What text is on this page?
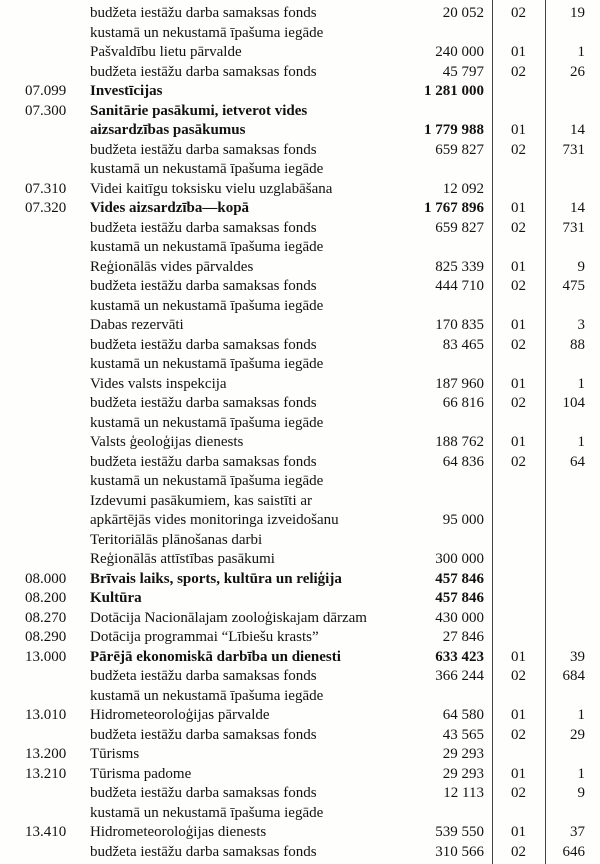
budžeta iestāžu darba samaksas fonds	20 052	02	19
kustamā un nekustamā īpašuma iegāde
Pašvaldību lietu pārvalde	240 000	01	1
budžeta iestāžu darba samaksas fonds	45 797	02	26
07.099	Investīcijas	1 281 000
07.300	Sanitārie pasākumi, ietverot vides
aizsardzības pasākumus	1 779 988	01	14
budžeta iestāžu darba samaksas fonds	659 827	02	731
kustamā un nekustamā īpašuma iegāde
07.310	Videi kaitīgu toksisku vielu uzglabāšana	12 092
07.320	Vides aizsardzība—kopā	1 767 896	01	14
budžeta iestāžu darba samaksas fonds	659 827	02	731
kustamā un nekustamā īpašuma iegāde
Reģionālās vides pārvaldes	825 339	01	9
budžeta iestāžu darba samaksas fonds	444 710	02	475
kustamā un nekustamā īpašuma iegāde
Dabas rezervāti	170 835	01	3
budžeta iestāžu darba samaksas fonds	83 465	02	88
kustamā un nekustamā īpašuma iegāde
Vides valsts inspekcija	187 960	01	1
budžeta iestāžu darba samaksas fonds	66 816	02	104
kustamā un nekustamā īpašuma iegāde
Valsts ģeoloģijas dienests	188 762	01	1
budžeta iestāžu darba samaksas fonds	64 836	02	64
kustamā un nekustamā īpašuma iegāde
Izdevumi pasākumiem, kas saistīti ar
apkārtējās vides monitoringa izveidošanu	95 000
Teritoriālās plānošanas darbi
Reģionālās attīstības pasākumi	300 000
08.000	Brīvais laiks, sports, kultūra un reliģija	457 846
08.200	Kultūra	457 846
08.270	Dotācija Nacionālajam zooloģiskajam dārzam	430 000
08.290	Dotācija programmai “Lībiešu krasts”	27 846
13.000	Pārējā ekonomiskā darbība un dienesti	633 423	01	39
budžeta iestāžu darba samaksas fonds	366 244	02	684
kustamā un nekustamā īpašuma iegāde
13.010	Hidrometeoroloģijas pārvalde	64 580	01	1
budžeta iestāžu darba samaksas fonds	43 565	02	29
13.200	Tūrisms	29 293
13.210	Tūrisma padome	29 293	01	1
budžeta iestāžu darba samaksas fonds	12 113	02	9
kustamā un nekustamā īpašuma iegāde
13.410	Hidrometeoroloģijas dienests	539 550	01	37
budžeta iestāžu darba samaksas fonds	310 566	02	646
